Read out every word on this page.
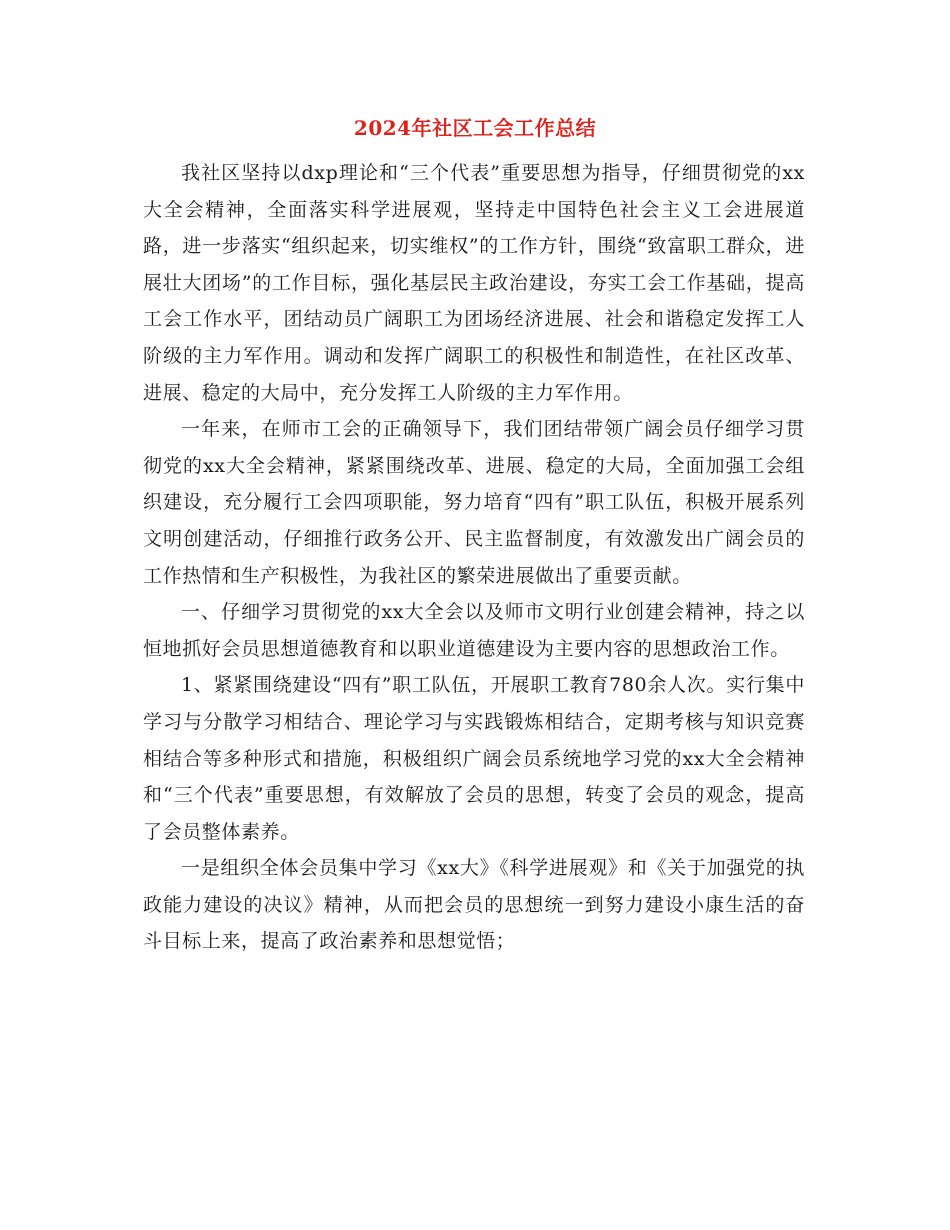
2024年社区工会工作总结

我社区坚持以dxp理论和“三个代表”重要思想为指导，仔细贯彻党的xx大全会精神，全面落实科学进展观，坚持走中国特色社会主义工会进展道路，进一步落实“组织起来，切实维权”的工作方针，围绕“致富职工群众，进展壮大团场”的工作目标，强化基层民主政治建设，夯实工会工作基础，提高工会工作水平，团结动员广阔职工为团场经济进展、社会和谐稳定发挥工人阶级的主力军作用。调动和发挥广阔职工的积极性和制造性，在社区改革、进展、稳定的大局中，充分发挥工人阶级的主力军作用。

一年来，在师市工会的正确领导下，我们团结带领广阔会员仔细学习贯彻党的xx大全会精神，紧紧围绕改革、进展、稳定的大局，全面加强工会组织建设，充分履行工会四项职能，努力培育“四有”职工队伍，积极开展系列文明创建活动，仔细推行政务公开、民主监督制度，有效激发出广阔会员的工作热情和生产积极性，为我社区的繁荣进展做出了重要贡献。

一、仔细学习贯彻党的xx大全会以及师市文明行业创建会精神，持之以恒地抓好会员思想道德教育和以职业道德建设为主要内容的思想政治工作。

1、紧紧围绕建设“四有”职工队伍，开展职工教育780余人次。实行集中学习与分散学习相结合、理论学习与实践锻炼相结合，定期考核与知识竞赛相结合等多种形式和措施，积极组织广阔会员系统地学习党的xx大全会精神和“三个代表”重要思想，有效解放了会员的思想，转变了会员的观念，提高了会员整体素养。

一是组织全体会员集中学习《xx大》《科学进展观》和《关于加强党的执政能力建设的决议》精神，从而把会员的思想统一到努力建设小康生活的奋斗目标上来，提高了政治素养和思想觉悟；
